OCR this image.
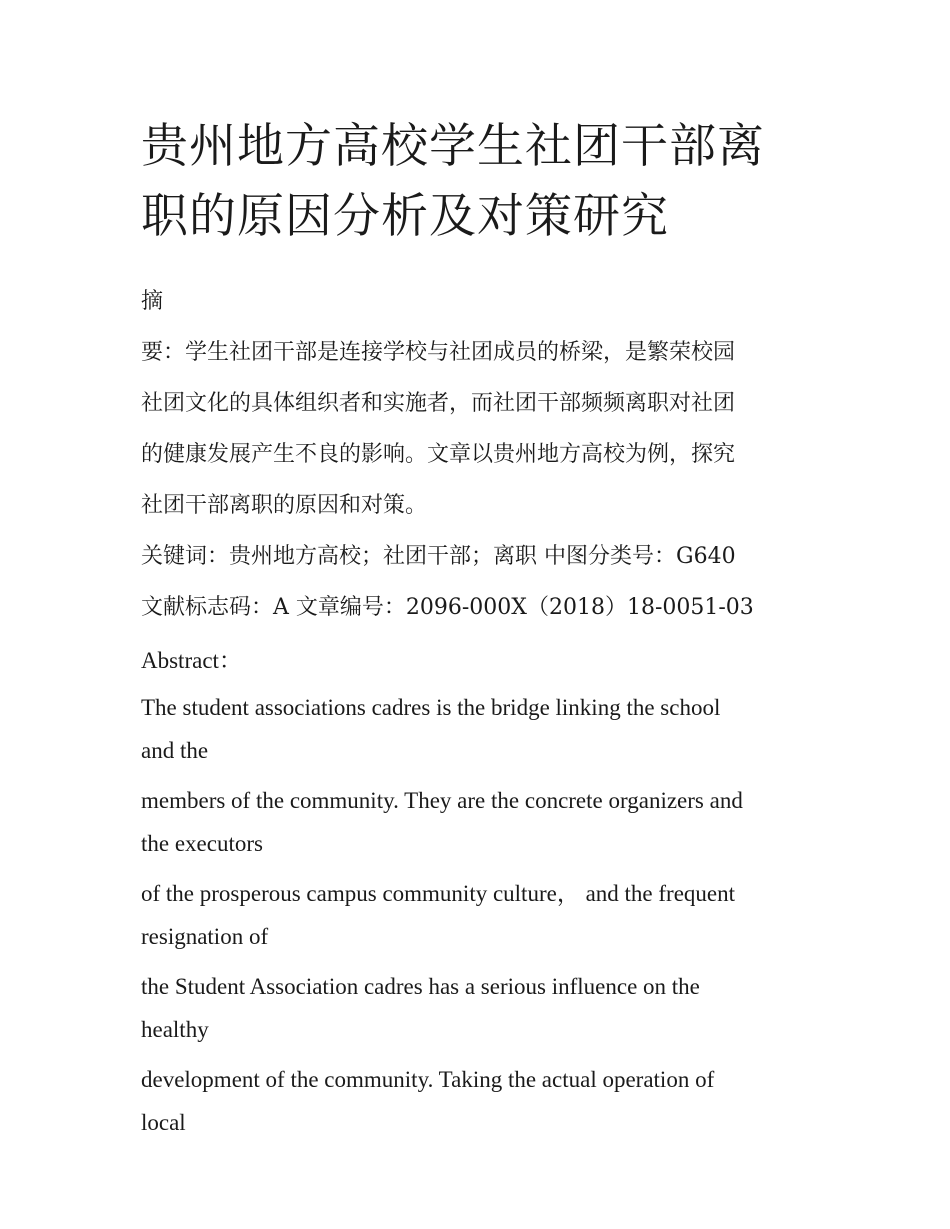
贵州地方高校学生社团干部离
职的原因分析及对策研究
摘
要：学生社团干部是连接学校与社团成员的桥梁，是繁荣校园
社团文化的具体组织者和实施者，而社团干部频频离职对社团
的健康发展产生不良的影响。文章以贵州地方高校为例，探究
社团干部离职的原因和对策。
关键词：贵州地方高校；社团干部；离职 中图分类号：G640
文献标志码：A 文章编号：2096-000X（2018）18-0051-03
Abstract：
The student associations cadres is the bridge linking the school
and the
members of the community. They are the concrete organizers and
the executors
of the prosperous campus community culture， and the frequent
resignation of
the Student Association cadres has a serious influence on the
healthy
development of the community. Taking the actual operation of
local
